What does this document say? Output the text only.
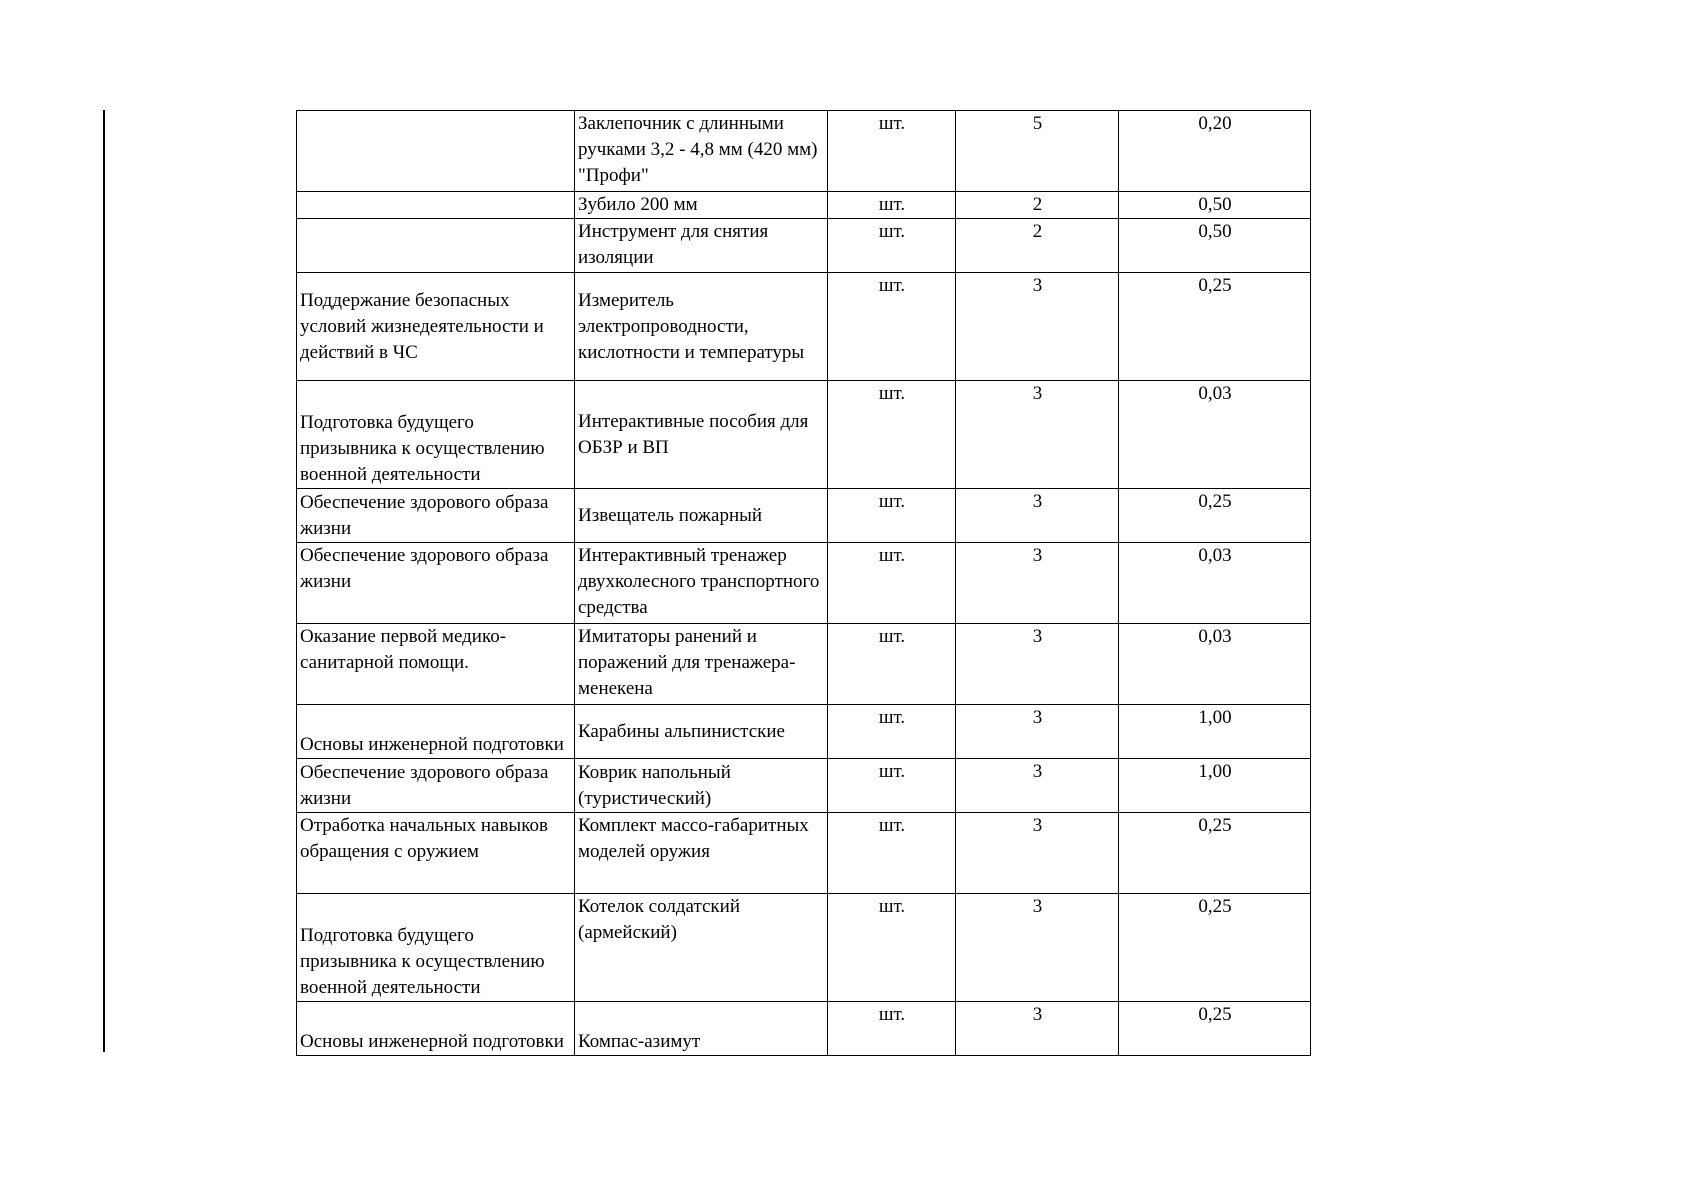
	Заклепочник с длинными ручками 3,2 - 4,8 мм (420 мм) "Профи"	шт.	5	0,20
	Зубило 200 мм	шт.	2	0,50
	Инструмент для снятия изоляции	шт.	2	0,50
Поддержание безопасных условий жизнедеятельности и действий в ЧС	Измеритель электропроводности, кислотности и температуры	шт.	3	0,25
Подготовка будущего призывника к осуществлению военной деятельности	Интерактивные пособия для ОБЗР и ВП	шт.	3	0,03
Обеспечение здорового образа жизни	Извещатель пожарный	шт.	3	0,25
Обеспечение здорового образа жизни	Интерактивный тренажер двухколесного транспортного средства	шт.	3	0,03
Оказание первой медико-санитарной помощи.	Имитаторы ранений и поражений для тренажера-менекена	шт.	3	0,03
Основы инженерной подготовки	Карабины альпинистские	шт.	3	1,00
Обеспечение здорового образа жизни	Коврик напольный (туристический)	шт.	3	1,00
Отработка начальных навыков обращения с оружием	Комплект массо-габаритных моделей оружия	шт.	3	0,25
Подготовка будущего призывника к осуществлению военной деятельности	Котелок солдатский (армейский)	шт.	3	0,25
Основы инженерной подготовки	Компас-азимут	шт.	3	0,25
